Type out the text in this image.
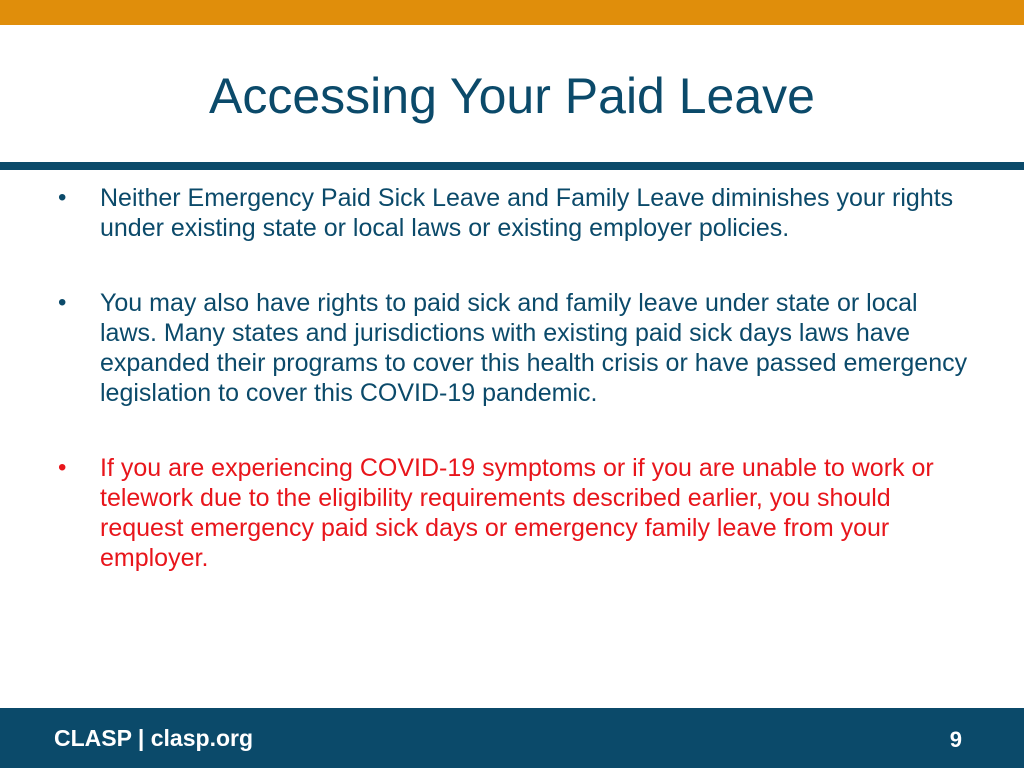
Accessing Your Paid Leave
•	Neither Emergency Paid Sick Leave and Family Leave diminishes your rights under existing state or local laws or existing employer policies.
•	You may also have rights to paid sick and family leave under state or local laws. Many states and jurisdictions with existing paid sick days laws have expanded their programs to cover this health crisis or have passed emergency legislation to cover this COVID-19 pandemic.
•	If you are experiencing COVID-19 symptoms or if you are unable to work or telework due to the eligibility requirements described earlier, you should request emergency paid sick days or emergency family leave from your employer.
CLASP | clasp.org	9
